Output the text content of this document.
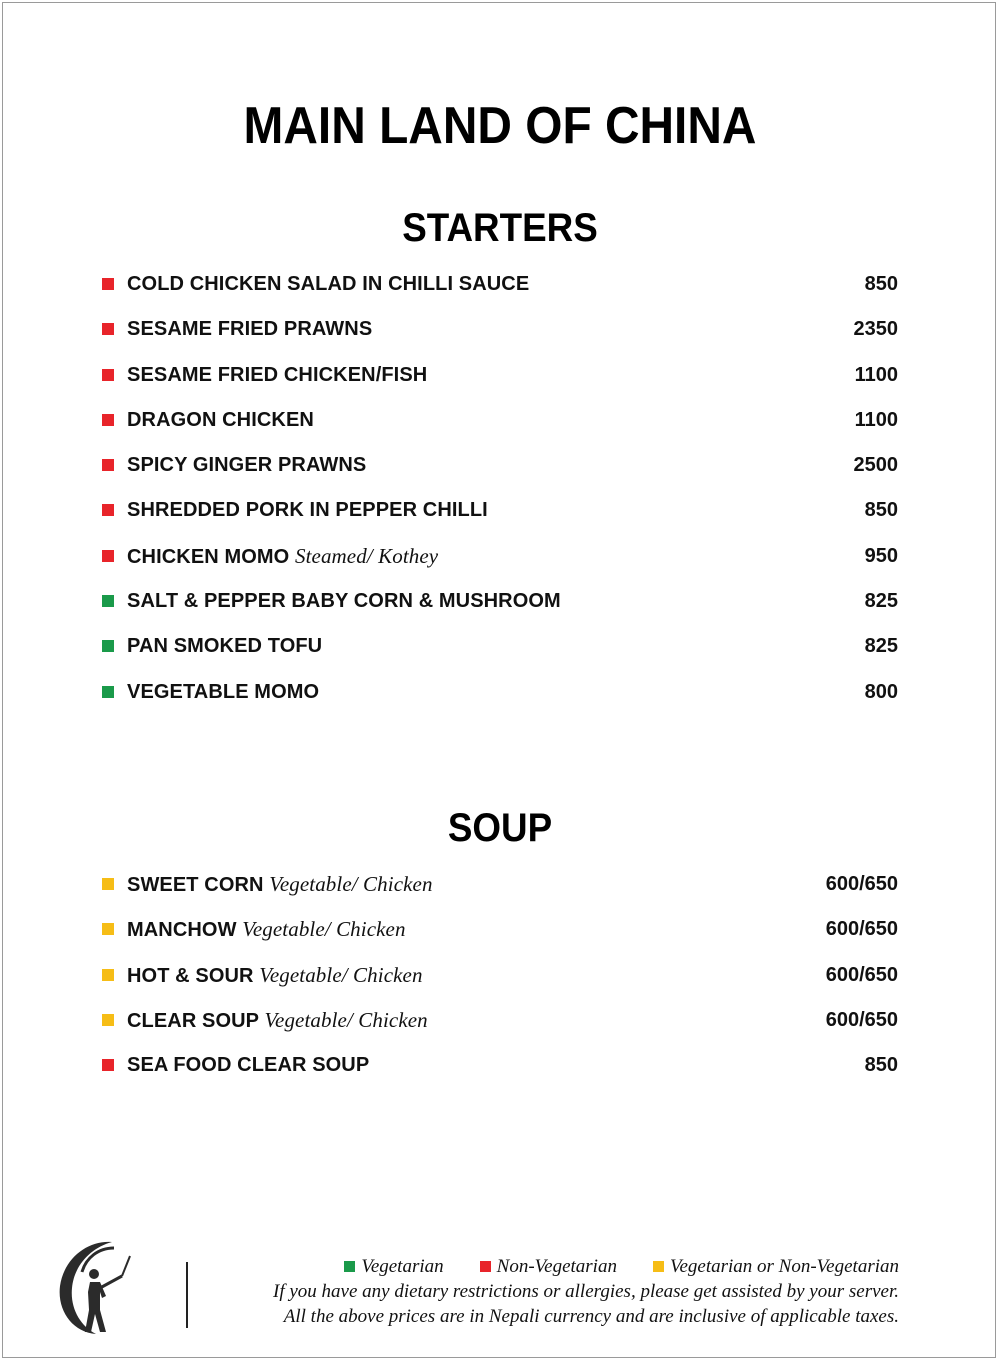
MAIN LAND OF CHINA
STARTERS
COLD CHICKEN SALAD IN CHILLI SAUCE	850
SESAME FRIED PRAWNS	2350
SESAME FRIED CHICKEN/FISH	1100
DRAGON CHICKEN	1100
SPICY GINGER PRAWNS	2500
SHREDDED PORK IN PEPPER CHILLI	850
CHICKEN MOMO Steamed/ Kothey	950
SALT & PEPPER BABY CORN & MUSHROOM	825
PAN SMOKED TOFU	825
VEGETABLE MOMO	800
SOUP
SWEET CORN Vegetable/ Chicken	600/650
MANCHOW Vegetable/ Chicken	600/650
HOT & SOUR Vegetable/ Chicken	600/650
CLEAR SOUP Vegetable/ Chicken	600/650
SEA FOOD CLEAR SOUP	850
Vegetarian	Non-Vegetarian	Vegetarian or Non-Vegetarian
If you have any dietary restrictions or allergies, please get assisted by your server.
All the above prices are in Nepali currency and are inclusive of applicable taxes.
